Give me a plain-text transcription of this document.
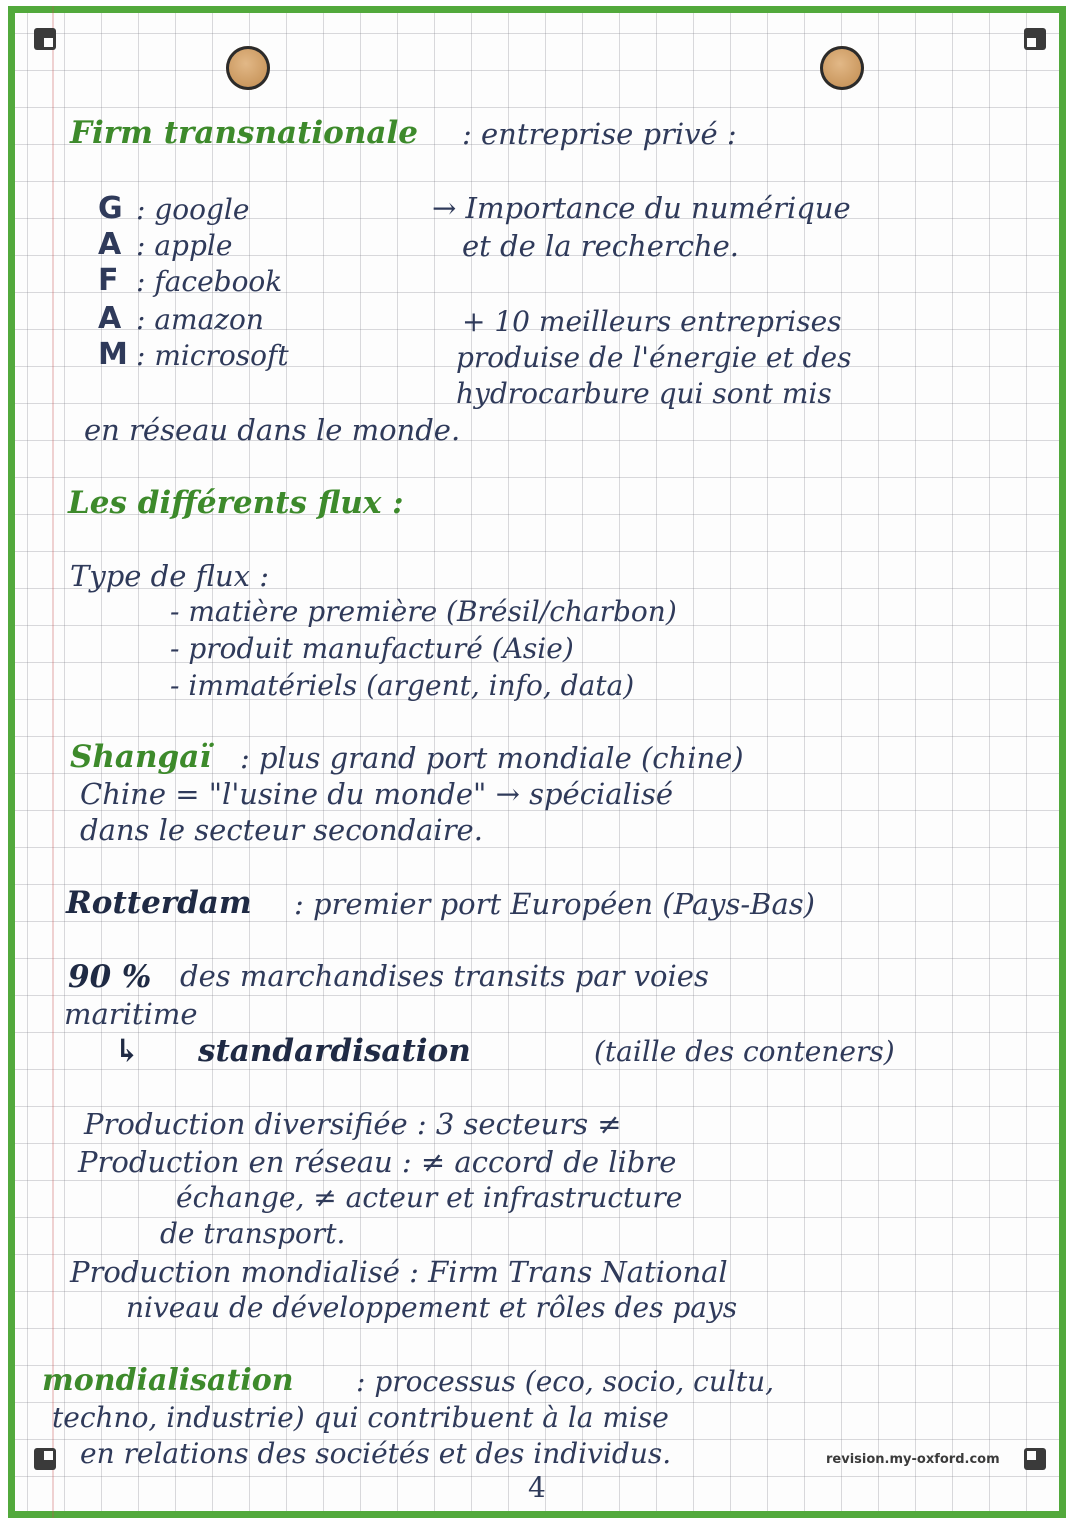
Firm transnationale : entreprise privé :
G : google
A : apple
F : facebook
A : amazon
M : microsoft
→ Importance du numérique
et de la recherche.
+ 10 meilleurs entreprises
produise de l'énergie et des
hydrocarbure qui sont mis
en réseau dans le monde.
Les différents flux :
Type de flux :
- matière première (Brésil/charbon)
- produit manufacturé (Asie)
- immatériels (argent, info, data)
Shangaï : plus grand port mondiale (chine)
Chine = "l'usine du monde" → spécialisé
dans le secteur secondaire.
Rotterdam : premier port Européen (Pays-Bas)
90 % des marchandises transits par voies
maritime
↳ standardisation	(taille des conteners)
Production diversifiée : 3 secteurs ≠
Production en réseau : ≠ accord de libre
échange, ≠ acteur et infrastructure
de transport.
Production mondialisé : Firm Trans National
niveau de développement et rôles des pays
mondialisation : processus (eco, socio, cultu,
techno, industrie) qui contribuent à la mise
en relations des sociétés et des individus.
4
revision.my-oxford.com
